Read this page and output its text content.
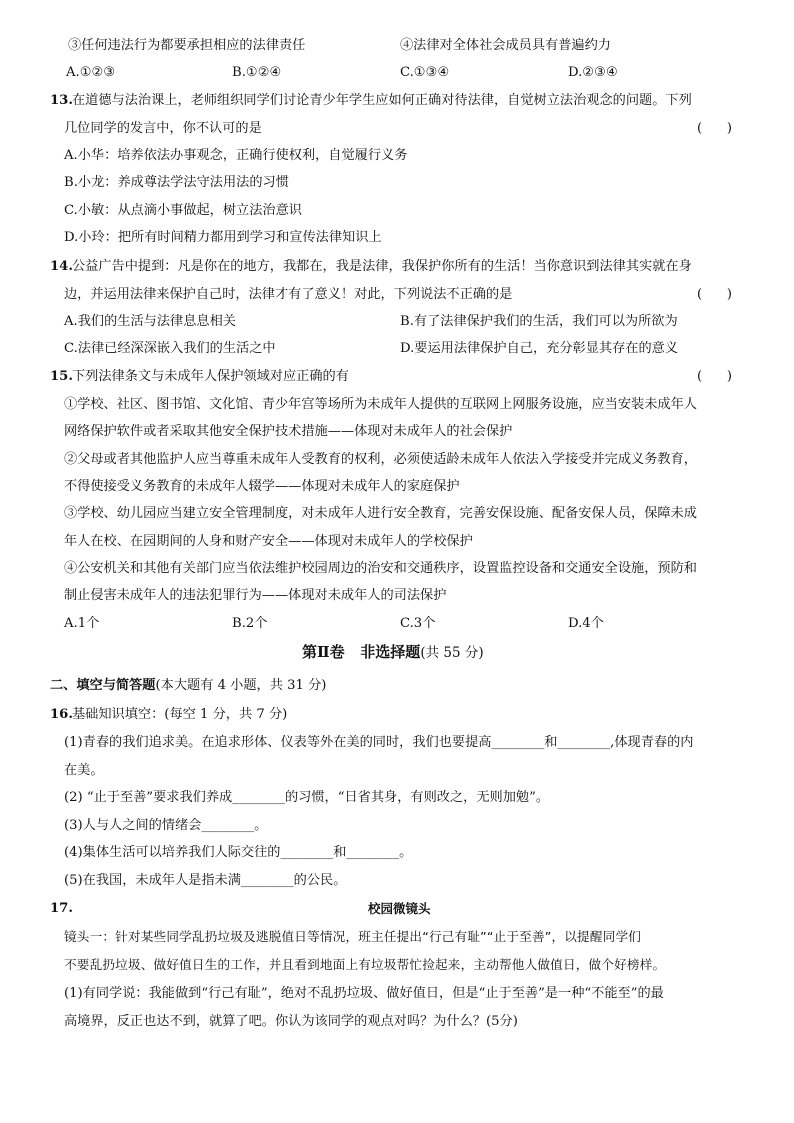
③任何违法行为都要承担相应的法律责任	④法律对全体社会成员具有普遍约力
A.①②③	B.①②④	C.①③④	D.②③④
13. 在道德与法治课上，老师组织同学们讨论青少年学生应如何正确对待法律，自觉树立法治观念的问题。下列
几位同学的发言中，你不认可的是	(      )
A.小华：培养依法办事观念，正确行使权利，自觉履行义务
B.小龙：养成尊法学法守法用法的习惯
C.小敏：从点滴小事做起，树立法治意识
D.小玲：把所有时间精力都用到学习和宣传法律知识上
14. 公益广告中提到：凡是你在的地方，我都在，我是法律，我保护你所有的生活！当你意识到法律其实就在身
边，并运用法律来保护自己时，法律才有了意义！对此，下列说法不正确的是	(      )
A.我们的生活与法律息息相关	B.有了法律保护我们的生活，我们可以为所欲为
C.法律已经深深嵌入我们的生活之中	D.要运用法律保护自己，充分彰显其存在的意义
15. 下列法律条文与未成年人保护领域对应正确的有	(      )
①学校、社区、图书馆、文化馆、青少年宫等场所为未成年人提供的互联网上网服务设施，应当安装未成年人
网络保护软件或者采取其他安全保护技术措施——体现对未成年人的社会保护
②父母或者其他监护人应当尊重未成年人受教育的权利，必须使适龄未成年人依法入学接受并完成义务教育，
不得使接受义务教育的未成年人辍学——体现对未成年人的家庭保护
③学校、幼儿园应当建立安全管理制度，对未成年人进行安全教育，完善安保设施、配备安保人员，保障未成
年人在校、在园期间的人身和财产安全——体现对未成年人的学校保护
④公安机关和其他有关部门应当依法维护校园周边的治安和交通秩序，设置监控设备和交通安全设施，预防和
制止侵害未成年人的违法犯罪行为——体现对未成年人的司法保护
A.1个	B.2个	C.3个	D.4个
第Ⅱ卷   非选择题(共 55 分)
二、填空与简答题(本大题有 4 小题，共 31 分)
16. 基础知识填空：(每空 1 分，共 7 分)
(1)青春的我们追求美。在追求形体、仪表等外在美的同时，我们也要提高________和________,体现青春的内
在美。
(2) “止于至善”要求我们养成________的习惯，“日省其身，有则改之，无则加勉”。
(3)人与人之间的情绪会________。
(4)集体生活可以培养我们人际交往的________和________。
(5)在我国，未成年人是指未满________的公民。
17.	校园微镜头
镜头一：针对某些同学乱扔垃圾及逃脱值日等情况，班主任提出“行己有耻”“止于至善”，以提醒同学们
不要乱扔垃圾、做好值日生的工作，并且看到地面上有垃圾帮忙捡起来，主动帮他人做值日，做个好榜样。
(1)有同学说：我能做到“行己有耻”，绝对不乱扔垃圾、做好值日，但是“止于至善”是一种“不能至”的最
高境界，反正也达不到，就算了吧。你认为该同学的观点对吗？为什么？(5分)
